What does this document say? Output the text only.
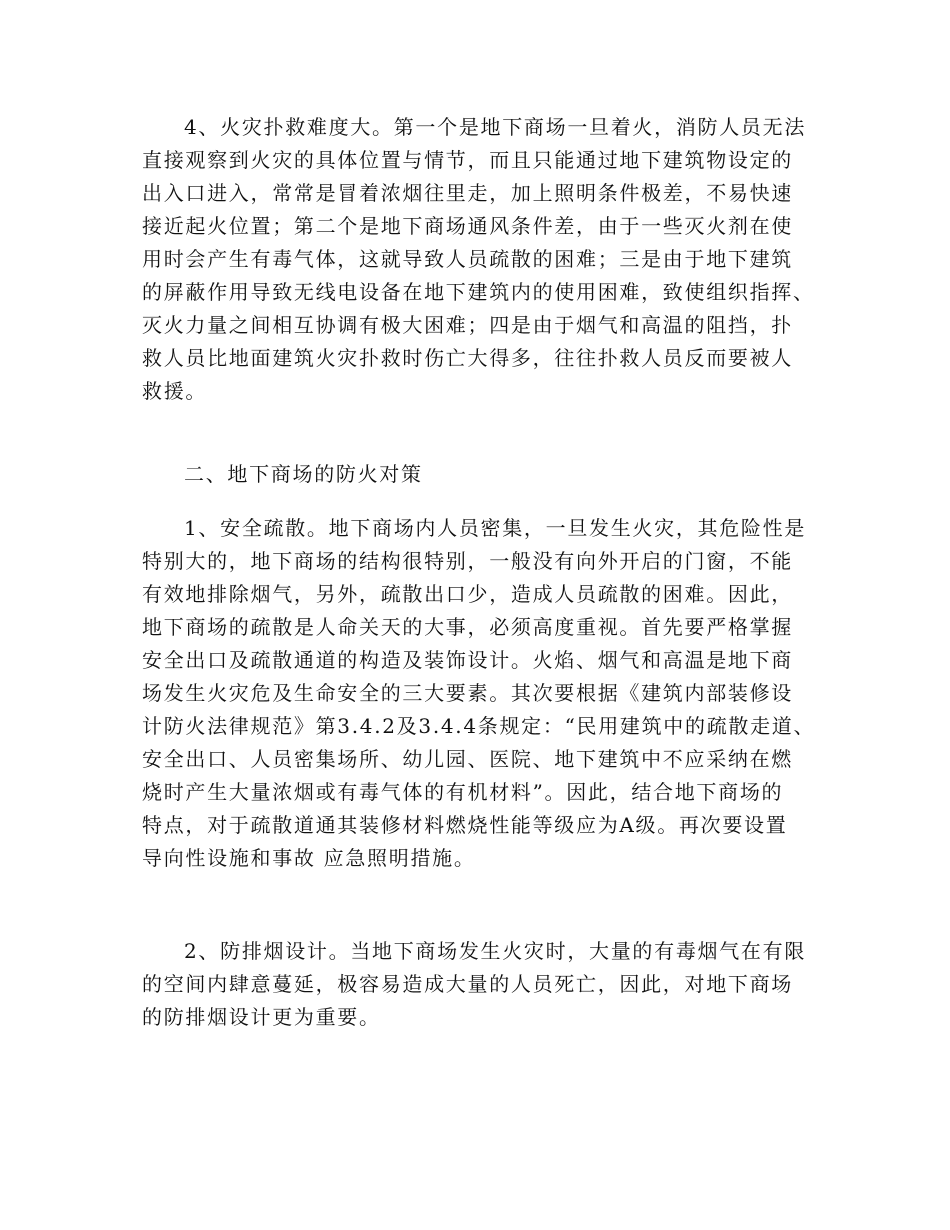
4、火灾扑救难度大。第一个是地下商场一旦着火，消防人员无法
直接观察到火灾的具体位置与情节，而且只能通过地下建筑物设定的
出入口进入，常常是冒着浓烟往里走，加上照明条件极差，不易快速
接近起火位置；第二个是地下商场通风条件差，由于一些灭火剂在使
用时会产生有毒气体，这就导致人员疏散的困难；三是由于地下建筑
的屏蔽作用导致无线电设备在地下建筑内的使用困难，致使组织指挥、
灭火力量之间相互协调有极大困难；四是由于烟气和高温的阻挡，扑
救人员比地面建筑火灾扑救时伤亡大得多，往往扑救人员反而要被人
救援。
二、地下商场的防火对策
1、安全疏散。地下商场内人员密集，一旦发生火灾，其危险性是
特别大的，地下商场的结构很特别，一般没有向外开启的门窗，不能
有效地排除烟气，另外，疏散出口少，造成人员疏散的困难。因此，
地下商场的疏散是人命关天的大事，必须高度重视。首先要严格掌握
安全出口及疏散通道的构造及装饰设计。火焰、烟气和高温是地下商
场发生火灾危及生命安全的三大要素。其次要根据《建筑内部装修设
计防火法律规范》第3.4.2及3.4.4条规定：“民用建筑中的疏散走道、
安全出口、人员密集场所、幼儿园、医院、地下建筑中不应采纳在燃
烧时产生大量浓烟或有毒气体的有机材料”。因此，结合地下商场的
特点，对于疏散道通其装修材料燃烧性能等级应为A级。再次要设置
导向性设施和事故 应急照明措施。
2、防排烟设计。当地下商场发生火灾时，大量的有毒烟气在有限
的空间内肆意蔓延，极容易造成大量的人员死亡，因此，对地下商场
的防排烟设计更为重要。
